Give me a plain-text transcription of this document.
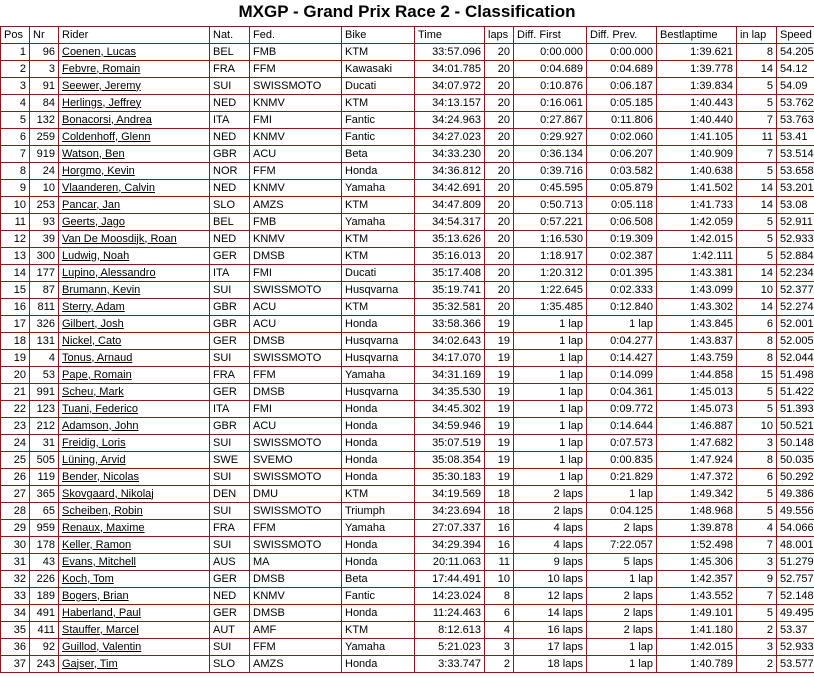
MXGP - Grand Prix Race 2 - Classification
Pos	Nr	Rider	Nat.	Fed.	Bike	Time	laps	Diff. First	Diff. Prev.	Bestlaptime	in lap	Speed
1	96	Coenen, Lucas	BEL	FMB	KTM	33:57.096	20	0:00.000	0:00.000	1:39.621	8	54.205
2	3	Febvre, Romain	FRA	FFM	Kawasaki	34:01.785	20	0:04.689	0:04.689	1:39.778	14	54.12
3	91	Seewer, Jeremy	SUI	SWISSMOTO	Ducati	34:07.972	20	0:10.876	0:06.187	1:39.834	5	54.09
4	84	Herlings, Jeffrey	NED	KNMV	KTM	34:13.157	20	0:16.061	0:05.185	1:40.443	5	53.762
5	132	Bonacorsi, Andrea	ITA	FMI	Fantic	34:24.963	20	0:27.867	0:11.806	1:40.440	7	53.763
6	259	Coldenhoff, Glenn	NED	KNMV	Fantic	34:27.023	20	0:29.927	0:02.060	1:41.105	11	53.41
7	919	Watson, Ben	GBR	ACU	Beta	34:33.230	20	0:36.134	0:06.207	1:40.909	7	53.514
8	24	Horgmo, Kevin	NOR	FFM	Honda	34:36.812	20	0:39.716	0:03.582	1:40.638	5	53.658
9	10	Vlaanderen, Calvin	NED	KNMV	Yamaha	34:42.691	20	0:45.595	0:05.879	1:41.502	14	53.201
10	253	Pancar, Jan	SLO	AMZS	KTM	34:47.809	20	0:50.713	0:05.118	1:41.733	14	53.08
11	93	Geerts, Jago	BEL	FMB	Yamaha	34:54.317	20	0:57.221	0:06.508	1:42.059	5	52.911
12	39	Van De Moosdijk, Roan	NED	KNMV	KTM	35:13.626	20	1:16.530	0:19.309	1:42.015	5	52.933
13	300	Ludwig, Noah	GER	DMSB	KTM	35:16.013	20	1:18.917	0:02.387	1:42.111	5	52.884
14	177	Lupino, Alessandro	ITA	FMI	Ducati	35:17.408	20	1:20.312	0:01.395	1:43.381	14	52.234
15	87	Brumann, Kevin	SUI	SWISSMOTO	Husqvarna	35:19.741	20	1:22.645	0:02.333	1:43.099	10	52.377
16	811	Sterry, Adam	GBR	ACU	KTM	35:32.581	20	1:35.485	0:12.840	1:43.302	14	52.274
17	326	Gilbert, Josh	GBR	ACU	Honda	33:58.366	19	1 lap	1 lap	1:43.845	6	52.001
18	131	Nickel, Cato	GER	DMSB	Husqvarna	34:02.643	19	1 lap	0:04.277	1:43.837	8	52.005
19	4	Tonus, Arnaud	SUI	SWISSMOTO	Husqvarna	34:17.070	19	1 lap	0:14.427	1:43.759	8	52.044
20	53	Pape, Romain	FRA	FFM	Yamaha	34:31.169	19	1 lap	0:14.099	1:44.858	15	51.498
21	991	Scheu, Mark	GER	DMSB	Husqvarna	34:35.530	19	1 lap	0:04.361	1:45.013	5	51.422
22	123	Tuani, Federico	ITA	FMI	Honda	34:45.302	19	1 lap	0:09.772	1:45.073	5	51.393
23	212	Adamson, John	GBR	ACU	Honda	34:59.946	19	1 lap	0:14.644	1:46.887	10	50.521
24	31	Freidig, Loris	SUI	SWISSMOTO	Honda	35:07.519	19	1 lap	0:07.573	1:47.682	3	50.148
25	505	Lüning, Arvid	SWE	SVEMO	Honda	35:08.354	19	1 lap	0:00.835	1:47.924	8	50.035
26	119	Bender, Nicolas	SUI	SWISSMOTO	Honda	35:30.183	19	1 lap	0:21.829	1:47.372	6	50.292
27	365	Skovgaard, Nikolaj	DEN	DMU	KTM	34:19.569	18	2 laps	1 lap	1:49.342	5	49.386
28	65	Scheiben, Robin	SUI	SWISSMOTO	Triumph	34:23.694	18	2 laps	0:04.125	1:48.968	5	49.556
29	959	Renaux, Maxime	FRA	FFM	Yamaha	27:07.337	16	4 laps	2 laps	1:39.878	4	54.066
30	178	Keller, Ramon	SUI	SWISSMOTO	Honda	34:29.394	16	4 laps	7:22.057	1:52.498	7	48.001
31	43	Evans, Mitchell	AUS	MA	Honda	20:11.063	11	9 laps	5 laps	1:45.306	3	51.279
32	226	Koch, Tom	GER	DMSB	Beta	17:44.491	10	10 laps	1 lap	1:42.357	9	52.757
33	189	Bogers, Brian	NED	KNMV	Fantic	14:23.024	8	12 laps	2 laps	1:43.552	7	52.148
34	491	Haberland, Paul	GER	DMSB	Honda	11:24.463	6	14 laps	2 laps	1:49.101	5	49.495
35	411	Stauffer, Marcel	AUT	AMF	KTM	8:12.613	4	16 laps	2 laps	1:41.180	2	53.37
36	92	Guillod, Valentin	SUI	FFM	Yamaha	5:21.023	3	17 laps	1 lap	1:42.015	3	52.933
37	243	Gajser, Tim	SLO	AMZS	Honda	3:33.747	2	18 laps	1 lap	1:40.789	2	53.577
